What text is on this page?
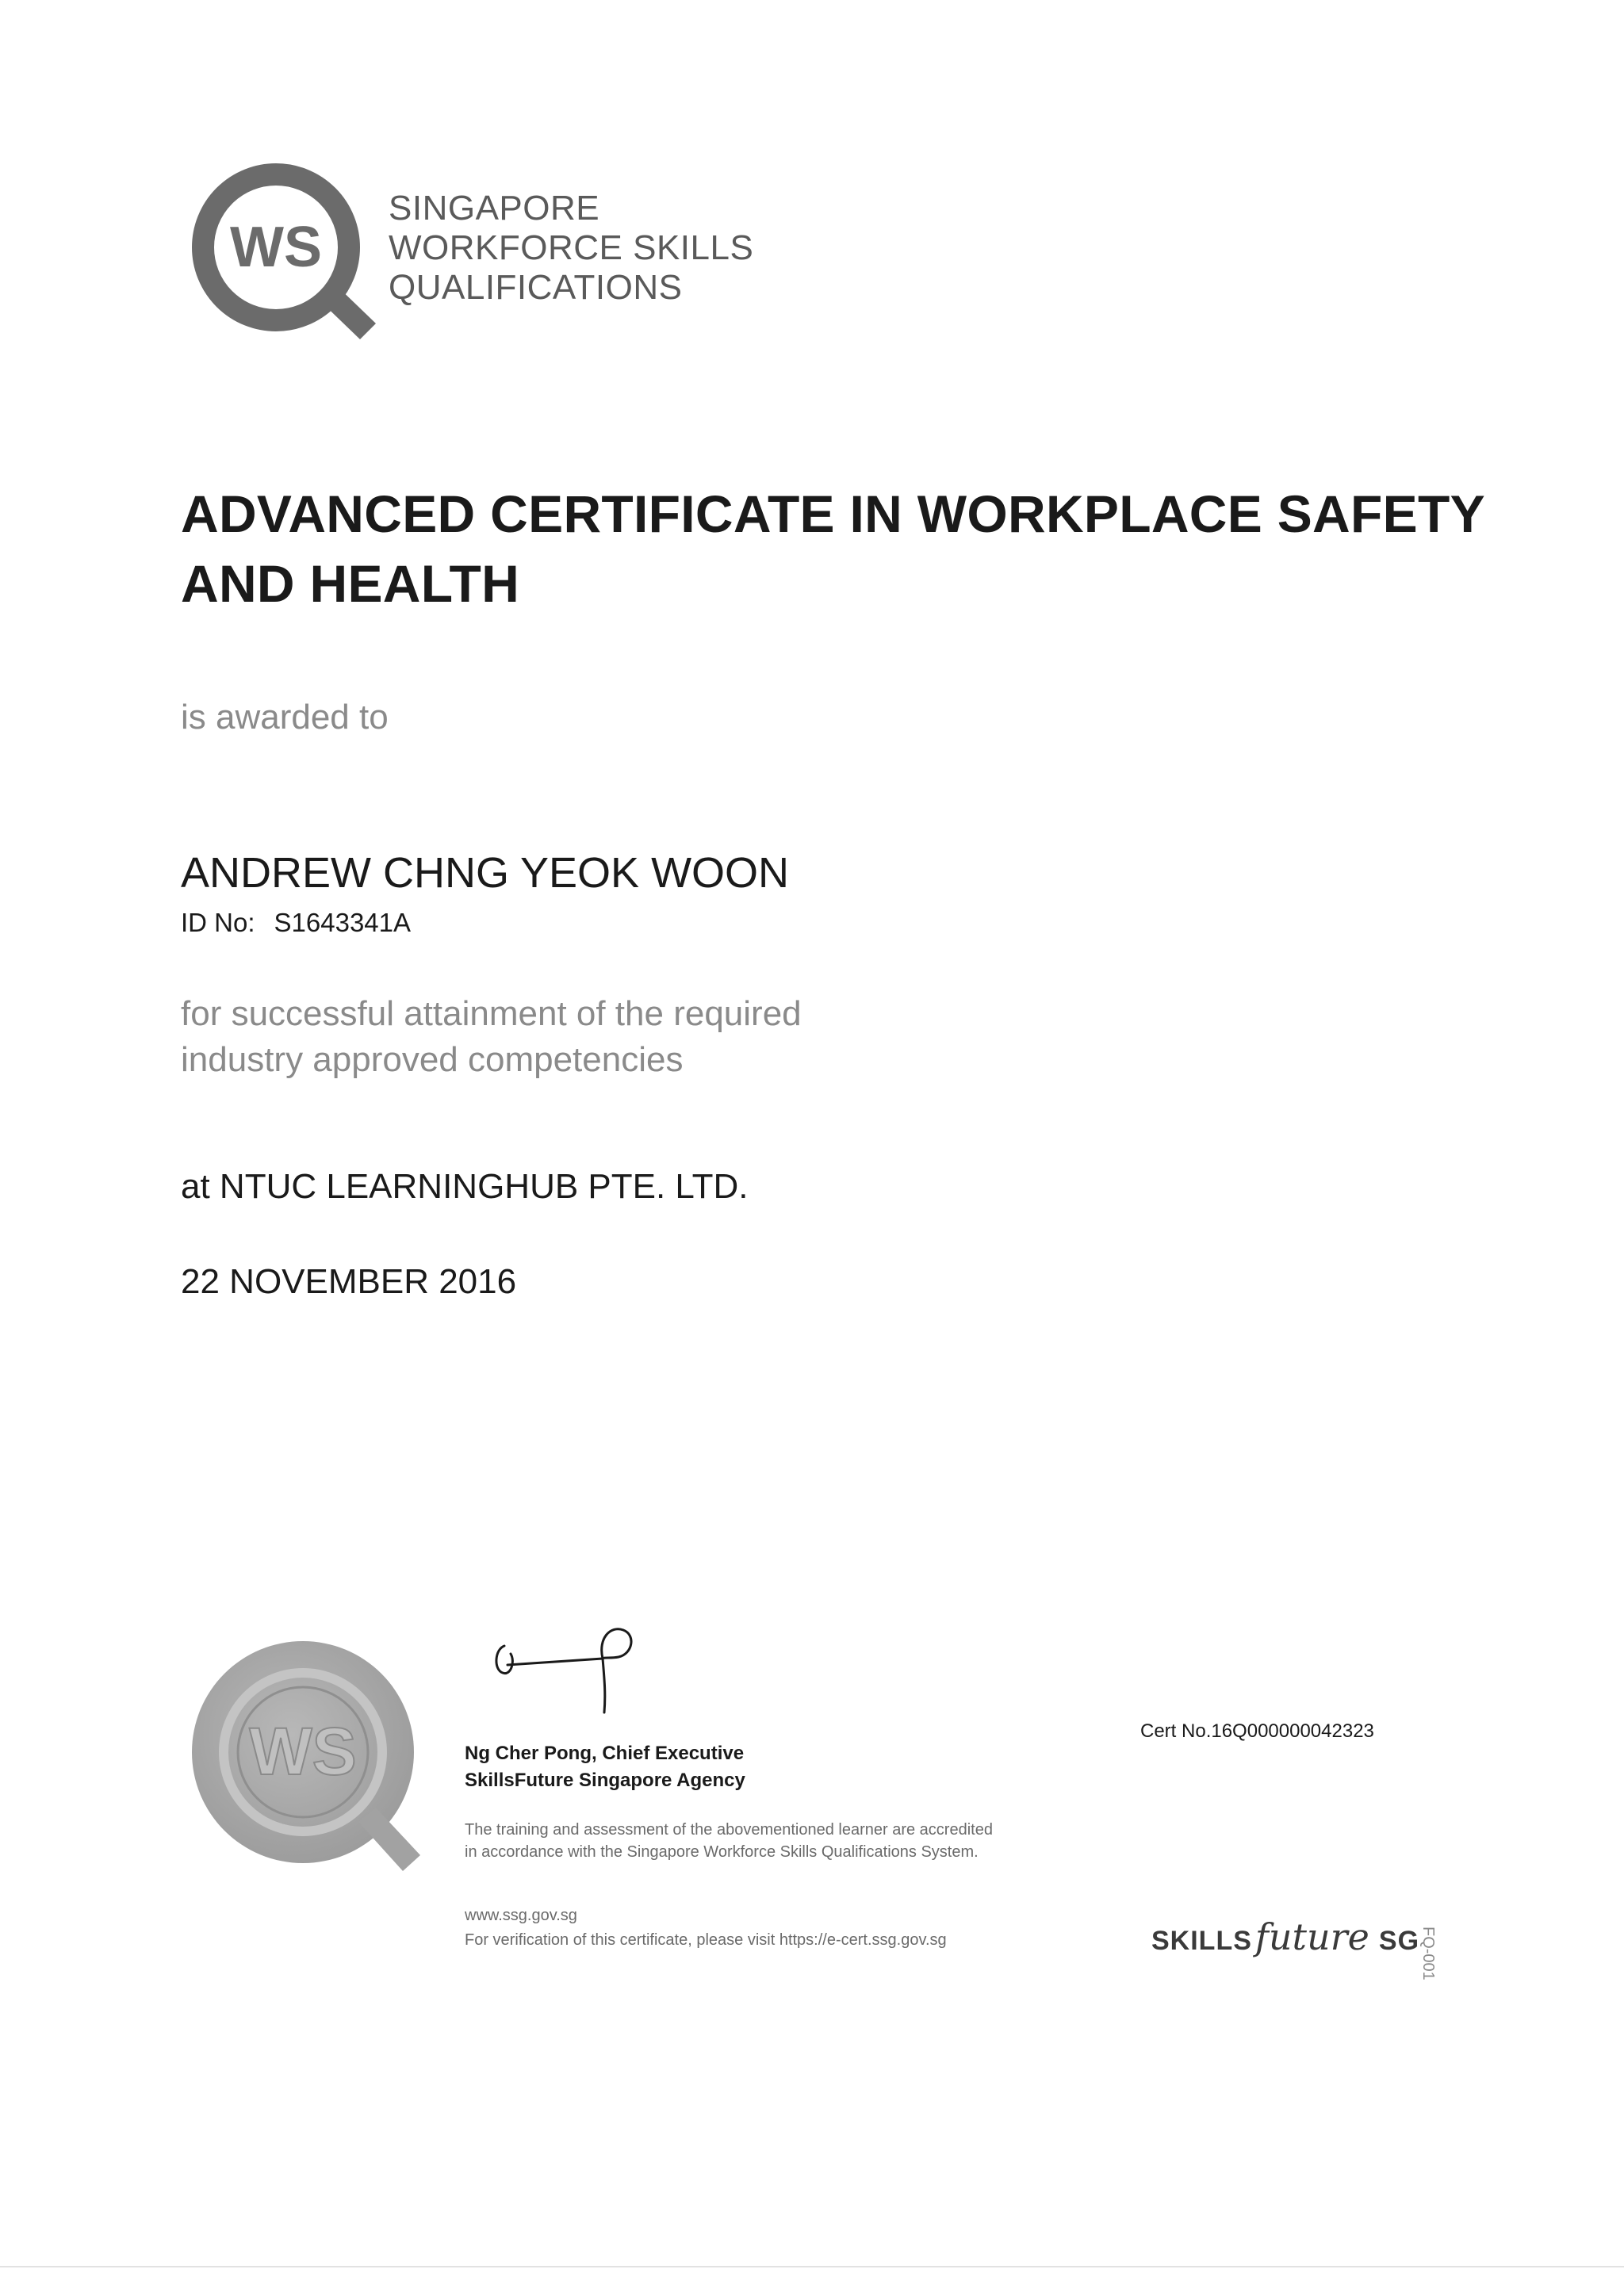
WS
SINGAPORE
WORKFORCE SKILLS
QUALIFICATIONS
ADVANCED CERTIFICATE IN WORKPLACE SAFETY
AND HEALTH
is awarded to
ANDREW CHNG YEOK WOON
ID No: S1643341A
for successful attainment of the required
industry approved competencies
at NTUC LEARNINGHUB PTE. LTD.
22 NOVEMBER 2016
WS	Ng Cher Pong, Chief Executive
SkillsFuture Singapore Agency
The training and assessment of the abovementioned learner are accredited
in accordance with the Singapore Workforce Skills Qualifications System.
www.ssg.gov.sg
For verification of this certificate, please visit https://e-cert.ssg.gov.sg
Cert No.16Q000000042323
SKILLS future SG FQ-001
